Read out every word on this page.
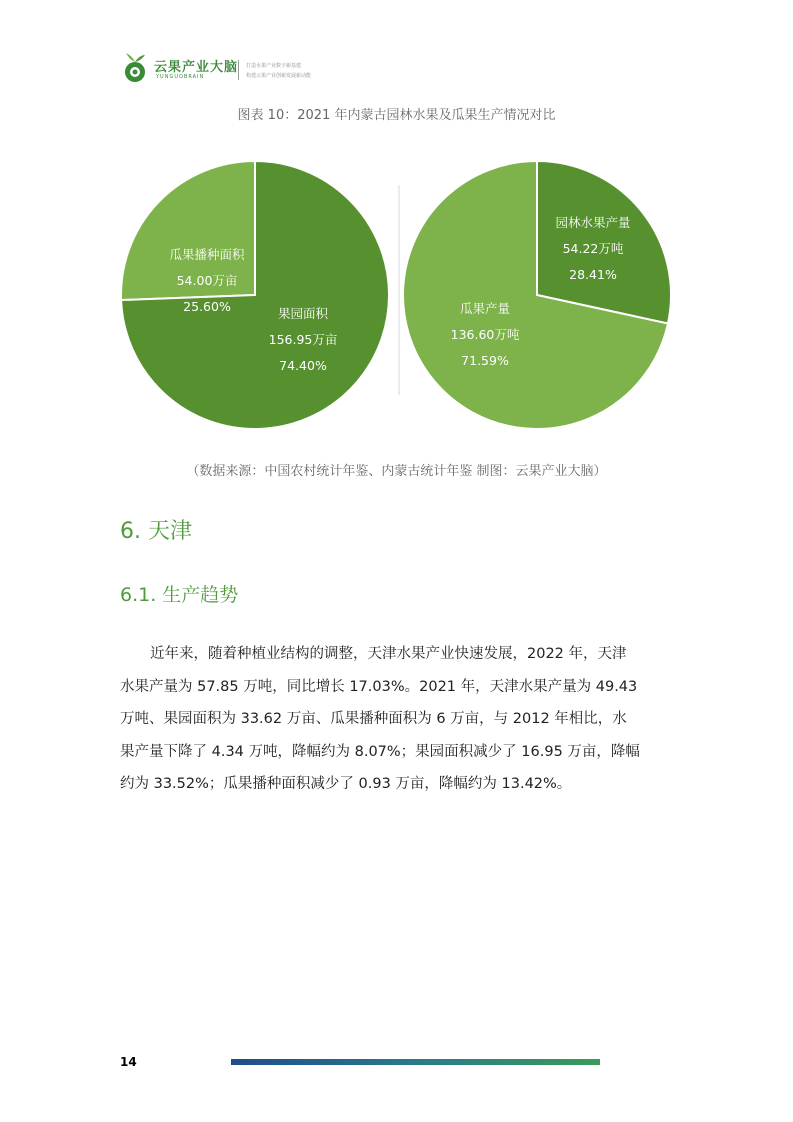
云果产业大脑
YUNGUOBRAIN
打造水果产业数字新基建
构建云果产业创新发展新动能
图表 10：2021 年内蒙古园林水果及瓜果生产情况对比
瓜果播种面积
54.00万亩
25.60%	果园面积
156.95万亩
74.40%
园林水果产量
54.22万吨
28.41%
瓜果产量
136.60万吨
71.59%
（数据来源：中国农村统计年鉴、内蒙古统计年鉴 制图：云果产业大脑）
6. 天津
6.1. 生产趋势
近年来，随着种植业结构的调整，天津水果产业快速发展，2022 年，天津
水果产量为 57.85 万吨，同比增长 17.03%。2021 年，天津水果产量为 49.43
万吨、果园面积为 33.62 万亩、瓜果播种面积为 6 万亩，与 2012 年相比，水
果产量下降了 4.34 万吨，降幅约为 8.07%；果园面积减少了 16.95 万亩，降幅
约为 33.52%；瓜果播种面积减少了 0.93 万亩，降幅约为 13.42%。
14
